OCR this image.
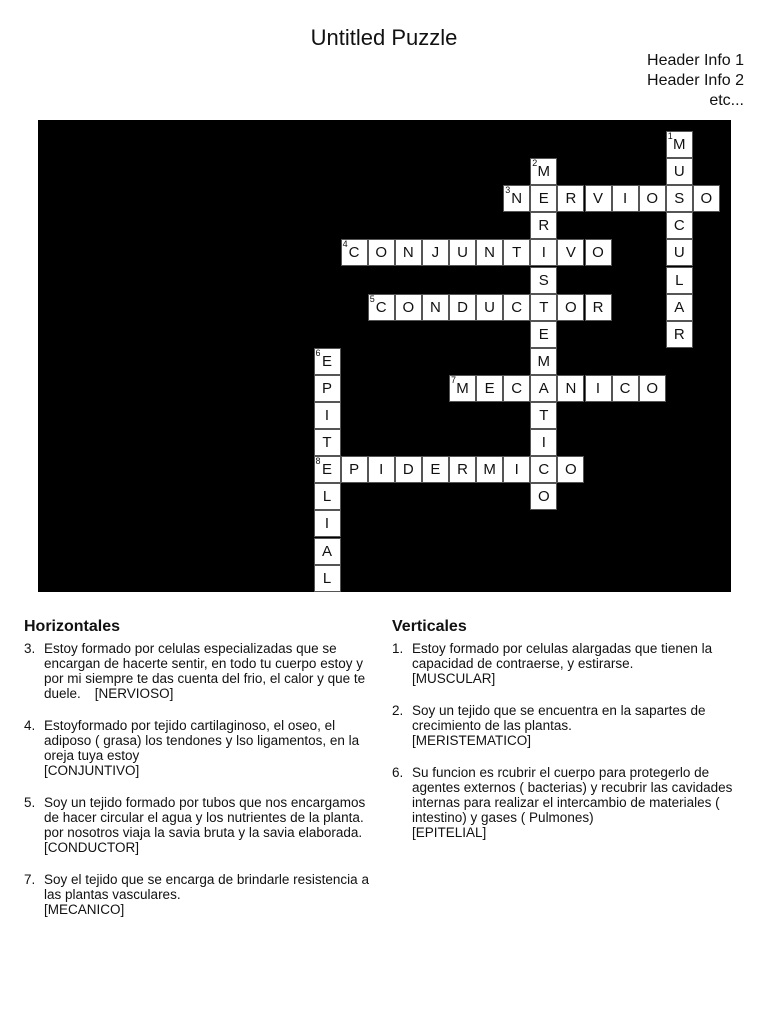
Untitled Puzzle
Header Info 1
Header Info 2
etc...
M
1
U
S
C
U
L
A
R
M
2
E
R
I
S
T
E
M
A
T
I
C
O
N
3	R V I O	O
C
4 O N J U N T	V O
C
5 O N D U C	O R
E
6
P
I
T
E
8
L
I
A
L
M
7 E C	N I C O
P I D E R M I	O
Horizontales
3. Estoy formado por celulas especializadas que se encargan de hacerte sentir, en todo tu cuerpo estoy y por mi siempre te das cuenta del frio, el calor y que te duele. [NERVIOSO]
4. Estoyformado por tejido cartilaginoso, el oseo, el adiposo ( grasa) los tendones y lso ligamentos, en la oreja tuya estoy
[CONJUNTIVO]
5. Soy un tejido formado por tubos que nos encargamos de hacer circular el agua y los nutrientes de la planta. por nosotros viaja la savia bruta y la savia elaborada.
[CONDUCTOR]
7. Soy el tejido que se encarga de brindarle resistencia a las plantas vasculares.
[MECANICO]
Verticales
1. Estoy formado por celulas alargadas que tienen la capacidad de contraerse, y estirarse.
[MUSCULAR]
2. Soy un tejido que se encuentra en la sapartes de crecimiento de las plantas.
[MERISTEMATICO]
6. Su funcion es rcubrir el cuerpo para protegerlo de agentes externos ( bacterias) y recubrir las cavidades internas para realizar el intercambio de materiales ( intestino) y gases ( Pulmones)
[EPITELIAL]
